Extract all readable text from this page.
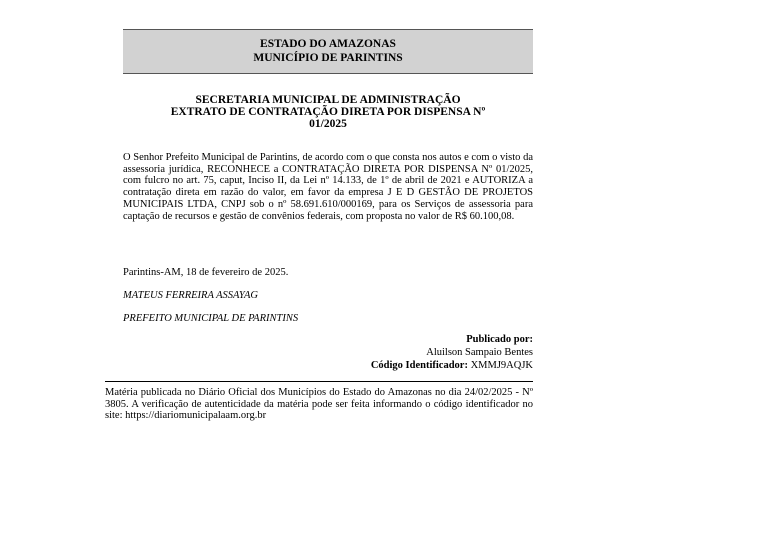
ESTADO DO AMAZONAS
MUNICÍPIO DE PARINTINS
SECRETARIA MUNICIPAL DE ADMINISTRAÇÃO
EXTRATO DE CONTRATAÇÃO DIRETA POR DISPENSA Nº
01/2025
O Senhor Prefeito Municipal de Parintins, de acordo com o que consta nos autos e com o visto da assessoria jurídica, RECONHECE a CONTRATAÇÃO DIRETA POR DISPENSA Nº 01/2025, com fulcro no art. 75, caput, Inciso II, da Lei nº 14.133, de 1º de abril de 2021 e AUTORIZA a contratação direta em razão do valor, em favor da empresa J E D GESTÃO DE PROJETOS MUNICIPAIS LTDA, CNPJ sob o nº 58.691.610/000169, para os Serviços de assessoria para captação de recursos e gestão de convênios federais, com proposta no valor de R$ 60.100,08.
Parintins-AM, 18 de fevereiro de 2025.
MATEUS FERREIRA ASSAYAG
PREFEITO MUNICIPAL DE PARINTINS
Publicado por:
Aluilson Sampaio Bentes
Código Identificador: XMMJ9AQJK
Matéria publicada no Diário Oficial dos Municípios do Estado do Amazonas no dia 24/02/2025 - Nº 3805. A verificação de autenticidade da matéria pode ser feita informando o código identificador no site: https://diariomunicipalaam.org.br
